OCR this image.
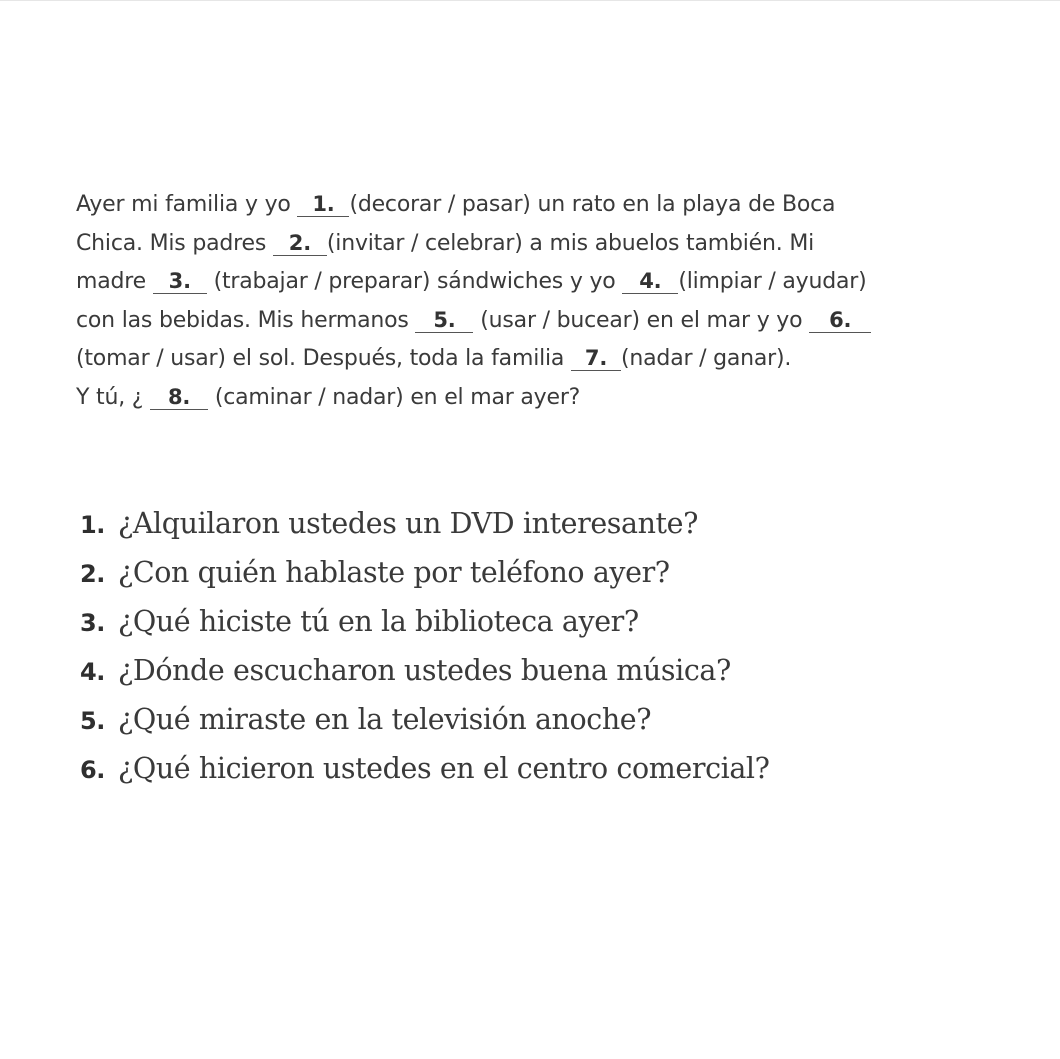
Ayer mi familia y yo 1. (decorar / pasar) un rato en la playa de Boca
Chica. Mis padres 2. (invitar / celebrar) a mis abuelos también. Mi
madre 3. (trabajar / preparar) sándwiches y yo 4. (limpiar / ayudar)
con las bebidas. Mis hermanos 5. (usar / bucear) en el mar y yo 6.
(tomar / usar) el sol. Después, toda la familia 7. (nadar / ganar).
Y tú, ¿ 8. (caminar / nadar) en el mar ayer?
1. ¿Alquilaron ustedes un DVD interesante?
2. ¿Con quién hablaste por teléfono ayer?
3. ¿Qué hiciste tú en la biblioteca ayer?
4. ¿Dónde escucharon ustedes buena música?
5. ¿Qué miraste en la televisión anoche?
6. ¿Qué hicieron ustedes en el centro comercial?
